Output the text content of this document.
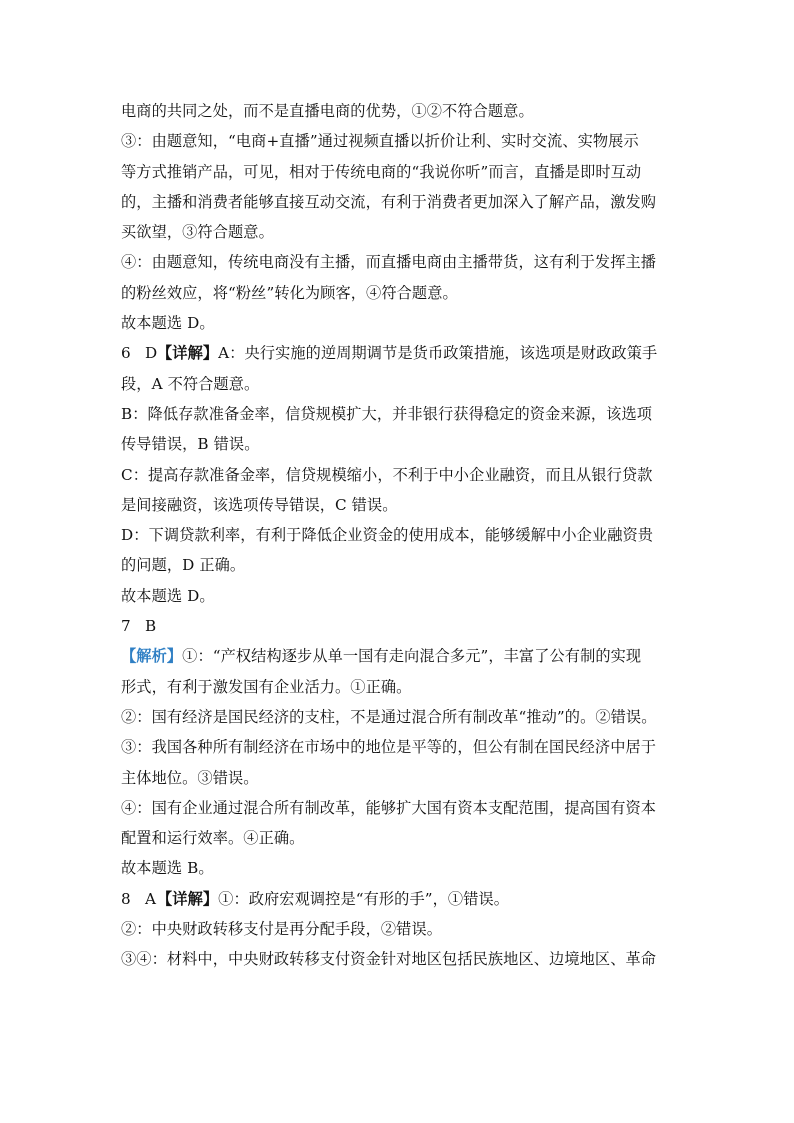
电商的共同之处，而不是直播电商的优势，①②不符合题意。
③：由题意知，“电商+直播”通过视频直播以折价让利、实时交流、实物展示
等方式推销产品，可见，相对于传统电商的“我说你听”而言，直播是即时互动
的，主播和消费者能够直接互动交流，有利于消费者更加深入了解产品，激发购
买欲望，③符合题意。
④：由题意知，传统电商没有主播，而直播电商由主播带货，这有利于发挥主播
的粉丝效应，将“粉丝”转化为顾客，④符合题意。
故本题选 D。
6 D【详解】A：央行实施的逆周期调节是货币政策措施，该选项是财政政策手
段，A 不符合题意。
B：降低存款准备金率，信贷规模扩大，并非银行获得稳定的资金来源，该选项
传导错误，B 错误。
C：提高存款准备金率，信贷规模缩小，不利于中小企业融资，而且从银行贷款
是间接融资，该选项传导错误，C 错误。
D：下调贷款利率，有利于降低企业资金的使用成本，能够缓解中小企业融资贵
的问题，D 正确。
故本题选 D。
7 B
【解析】①：“产权结构逐步从单一国有走向混合多元”，丰富了公有制的实现
形式，有利于激发国有企业活力。①正确。
②：国有经济是国民经济的支柱，不是通过混合所有制改革“推动”的。②错误。
③：我国各种所有制经济在市场中的地位是平等的，但公有制在国民经济中居于
主体地位。③错误。
④：国有企业通过混合所有制改革，能够扩大国有资本支配范围，提高国有资本
配置和运行效率。④正确。
故本题选 B。
8 A【详解】①：政府宏观调控是“有形的手”，①错误。
②：中央财政转移支付是再分配手段，②错误。
③④：材料中，中央财政转移支付资金针对地区包括民族地区、边境地区、革命
